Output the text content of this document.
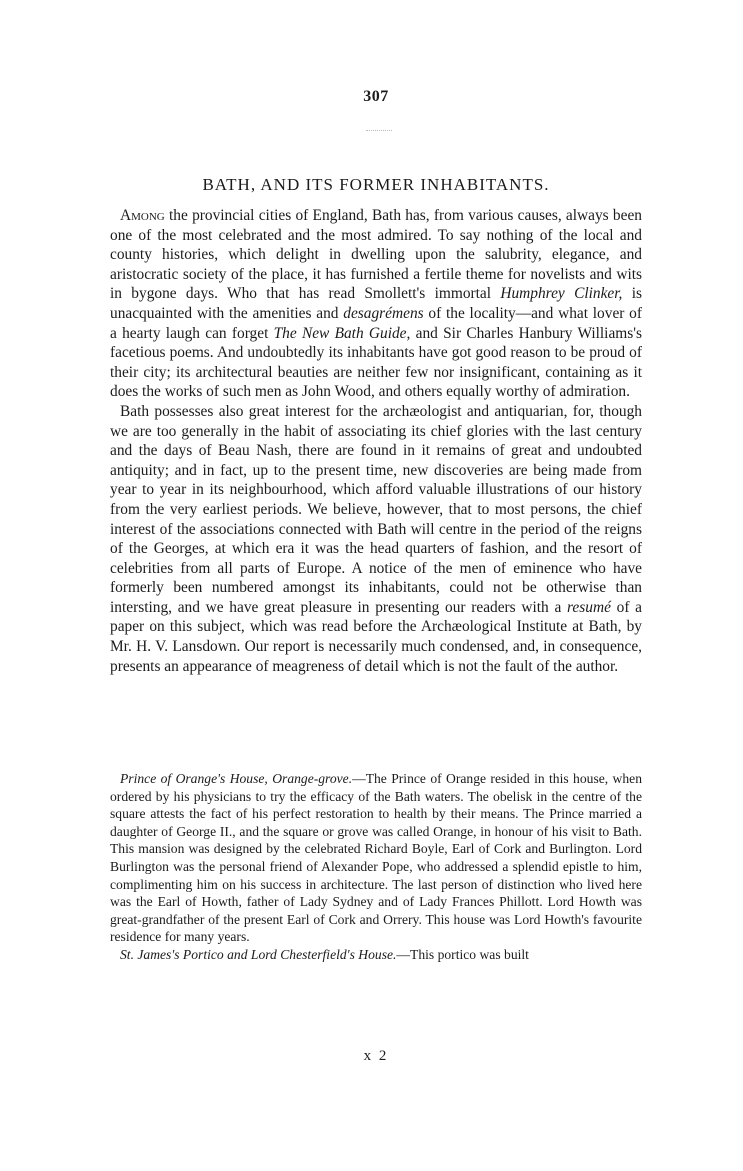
307
BATH, AND ITS FORMER INHABITANTS.

Among the provincial cities of England, Bath has, from various causes, always been one of the most celebrated and the most admired. To say nothing of the local and county histories, which delight in dwelling upon the salubrity, elegance, and aristocratic society of the place, it has furnished a fertile theme for novelists and wits in bygone days. Who that has read Smollett's immortal Humphrey Clinker, is unacquainted with the amenities and desagrémens of the locality—and what lover of a hearty laugh can forget The New Bath Guide, and Sir Charles Hanbury Williams's facetious poems. And undoubtedly its inhabitants have got good reason to be proud of their city; its architectural beauties are neither few nor insignificant, containing as it does the works of such men as John Wood, and others equally worthy of admiration.

Bath possesses also great interest for the archæologist and antiquarian, for, though we are too generally in the habit of associating its chief glories with the last century and the days of Beau Nash, there are found in it remains of great and undoubted antiquity; and in fact, up to the present time, new discoveries are being made from year to year in its neighbourhood, which afford valuable illustrations of our history from the very earliest periods. We believe, however, that to most persons, the chief interest of the associations connected with Bath will centre in the period of the reigns of the Georges, at which era it was the head quarters of fashion, and the resort of celebrities from all parts of Europe. A notice of the men of eminence who have formerly been numbered amongst its inhabitants, could not be otherwise than intersting, and we have great pleasure in presenting our readers with a resumé of a paper on this subject, which was read before the Archæological Institute at Bath, by Mr. H. V. Lansdown. Our report is necessarily much condensed, and, in consequence, presents an appearance of meagreness of detail which is not the fault of the author.

Prince of Orange's House, Orange-grove.—The Prince of Orange resided in this house, when ordered by his physicians to try the efficacy of the Bath waters. The obelisk in the centre of the square attests the fact of his perfect restoration to health by their means. The Prince married a daughter of George II., and the square or grove was called Orange, in honour of his visit to Bath. This mansion was designed by the celebrated Richard Boyle, Earl of Cork and Burlington. Lord Burlington was the personal friend of Alexander Pope, who addressed a splendid epistle to him, complimenting him on his success in architecture. The last person of distinction who lived here was the Earl of Howth, father of Lady Sydney and of Lady Frances Phillott. Lord Howth was great-grandfather of the present Earl of Cork and Orrery. This house was Lord Howth's favourite residence for many years.

St. James's Portico and Lord Chesterfield's House.—This portico was built

x 2
